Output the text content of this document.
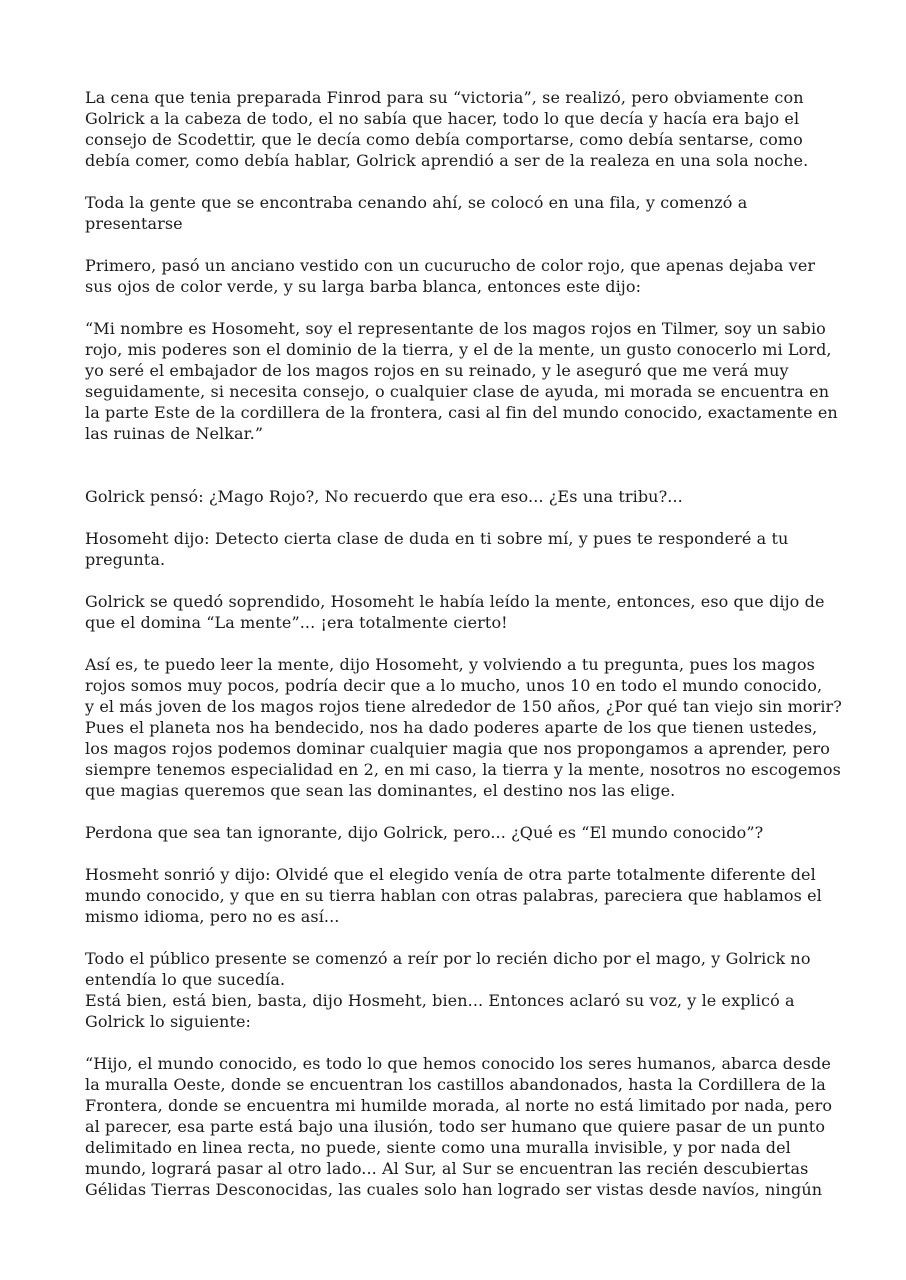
La cena que tenia preparada Finrod para su “victoria”, se realizó, pero obviamente con
Golrick a la cabeza de todo, el no sabía que hacer, todo lo que decía y hacía era bajo el
consejo de Scodettir, que le decía como debía comportarse, como debía sentarse, como
debía comer, como debía hablar, Golrick aprendió a ser de la realeza en una sola noche.

Toda la gente que se encontraba cenando ahí, se colocó en una fila, y comenzó a
presentarse

Primero, pasó un anciano vestido con un cucurucho de color rojo, que apenas dejaba ver
sus ojos de color verde, y su larga barba blanca, entonces este dijo:

“Mi nombre es Hosomeht, soy el representante de los magos rojos en Tilmer, soy un sabio
rojo, mis poderes son el dominio de la tierra, y el de la mente, un gusto conocerlo mi Lord,
yo seré el embajador de los magos rojos en su reinado, y le aseguró que me verá muy
seguidamente, si necesita consejo, o cualquier clase de ayuda, mi morada se encuentra en
la parte Este de la cordillera de la frontera, casi al fin del mundo conocido, exactamente en
las ruinas de Nelkar.”

Golrick pensó: ¿Mago Rojo?, No recuerdo que era eso... ¿Es una tribu?...

Hosomeht dijo: Detecto cierta clase de duda en ti sobre mí, y pues te responderé a tu
pregunta.

Golrick se quedó soprendido, Hosomeht le había leído la mente, entonces, eso que dijo de
que el domina “La mente”... ¡era totalmente cierto!

Así es, te puedo leer la mente, dijo Hosomeht, y volviendo a tu pregunta, pues los magos
rojos somos muy pocos, podría decir que a lo mucho, unos 10 en todo el mundo conocido,
y el más joven de los magos rojos tiene alrededor de 150 años, ¿Por qué tan viejo sin morir?
Pues el planeta nos ha bendecido, nos ha dado poderes aparte de los que tienen ustedes,
los magos rojos podemos dominar cualquier magia que nos propongamos a aprender, pero
siempre tenemos especialidad en 2, en mi caso, la tierra y la mente, nosotros no escogemos
que magias queremos que sean las dominantes, el destino nos las elige.

Perdona que sea tan ignorante, dijo Golrick, pero... ¿Qué es “El mundo conocido”?

Hosmeht sonrió y dijo: Olvidé que el elegido venía de otra parte totalmente diferente del
mundo conocido, y que en su tierra hablan con otras palabras, pareciera que hablamos el
mismo idioma, pero no es así...

Todo el público presente se comenzó a reír por lo recién dicho por el mago, y Golrick no
entendía lo que sucedía.
Está bien, está bien, basta, dijo Hosmeht, bien... Entonces aclaró su voz, y le explicó a
Golrick lo siguiente:

“Hijo, el mundo conocido, es todo lo que hemos conocido los seres humanos, abarca desde
la muralla Oeste, donde se encuentran los castillos abandonados, hasta la Cordillera de la
Frontera, donde se encuentra mi humilde morada, al norte no está limitado por nada, pero
al parecer, esa parte está bajo una ilusión, todo ser humano que quiere pasar de un punto
delimitado en linea recta, no puede, siente como una muralla invisible, y por nada del
mundo, logrará pasar al otro lado... Al Sur, al Sur se encuentran las recién descubiertas
Gélidas Tierras Desconocidas, las cuales solo han logrado ser vistas desde navíos, ningún
